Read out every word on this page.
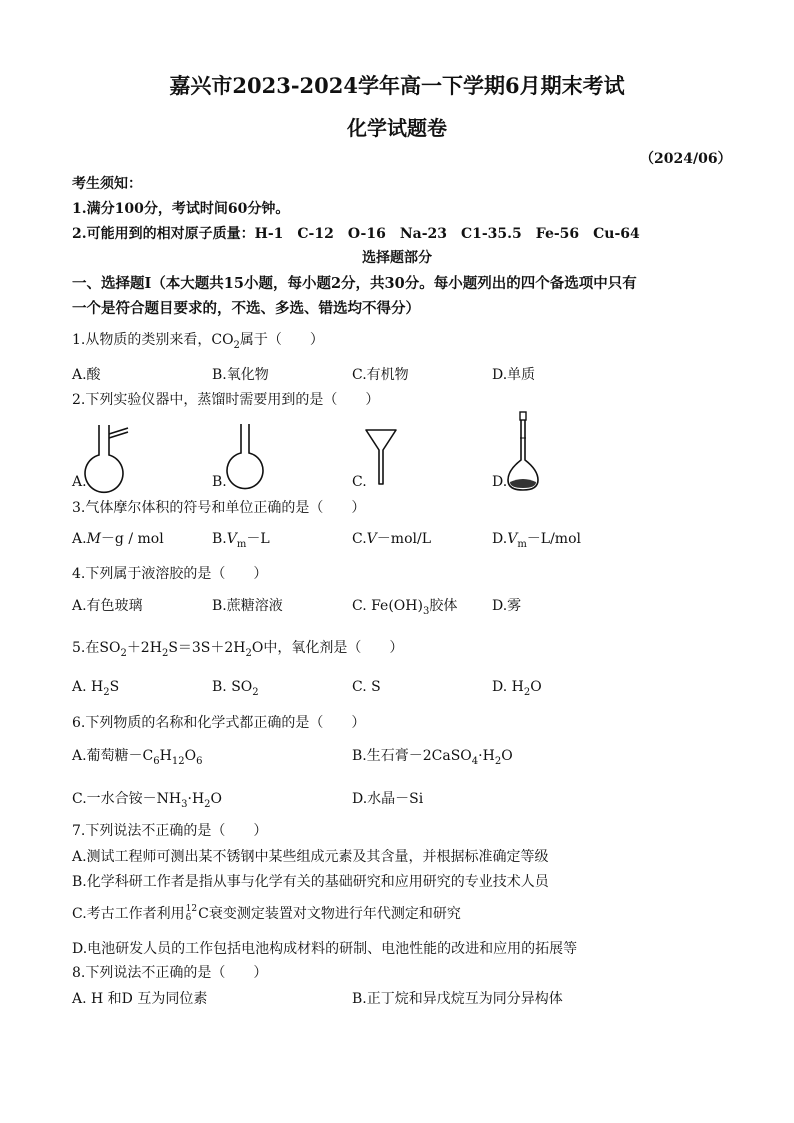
嘉兴市2023-2024学年高一下学期6月期末考试
化学试题卷
（2024/06）
考生须知：
1.满分100分，考试时间60分钟。
2.可能用到的相对原子质量：H-1　C-12　O-16　Na-23　C1-35.5　Fe-56　Cu-64
选择题部分
一、选择题Ⅰ（本大题共15小题，每小题2分，共30分。每小题列出的四个备选项中只有
一个是符合题目要求的，不选、多选、错选均不得分）
1.从物质的类别来看，$CO_2$属于（　　）
A.酸	B.氧化物	C.有机物	D.单质
2.下列实验仪器中，蒸馏时需要用到的是（　　）
A.	B.	C.	D.
3.气体摩尔体积的符号和单位正确的是（　　）
A.M－g / mol	$B.V_m-L$	C.V－mol/L	$D.V_m-L$/mol
4.下列属于液溶胶的是（　　）
A.有色玻璃	B.蔗糖溶液	C. $Fe(OH)_3$胶体 D.雾
5.在$SO_2+2H_2S=3S+2H_2O$中，氧化剂是（　　）
A. $H_2S$	B. $SO_2$	C. S	D. $H_2O$
6.下列物质的名称和化学式都正确的是（　　）
A.葡萄糖$-C_6H_{12}O_6$	B.生石膏$-2CaSO_4\cdot H_2O$
C.一水合铵$-NH_3\cdot H_2O$	D.水晶－Si
7.下列说法不正确的是（　　）
A.测试工程师可测出某不锈钢中某些组成元素及其含量，并根据标准确定等级
B.化学科研工作者是指从事与化学有关的基础研究和应用研究的专业技术人员
C.考古工作者利用 12
6 C衰变测定装置对文物进行年代测定和研究
D.电池研发人员的工作包括电池构成材料的研制、电池性能的改进和应用的拓展等
8.下列说法不正确的是（　　）
A. H 和D 互为同位素	B.正丁烷和异戊烷互为同分异构体
